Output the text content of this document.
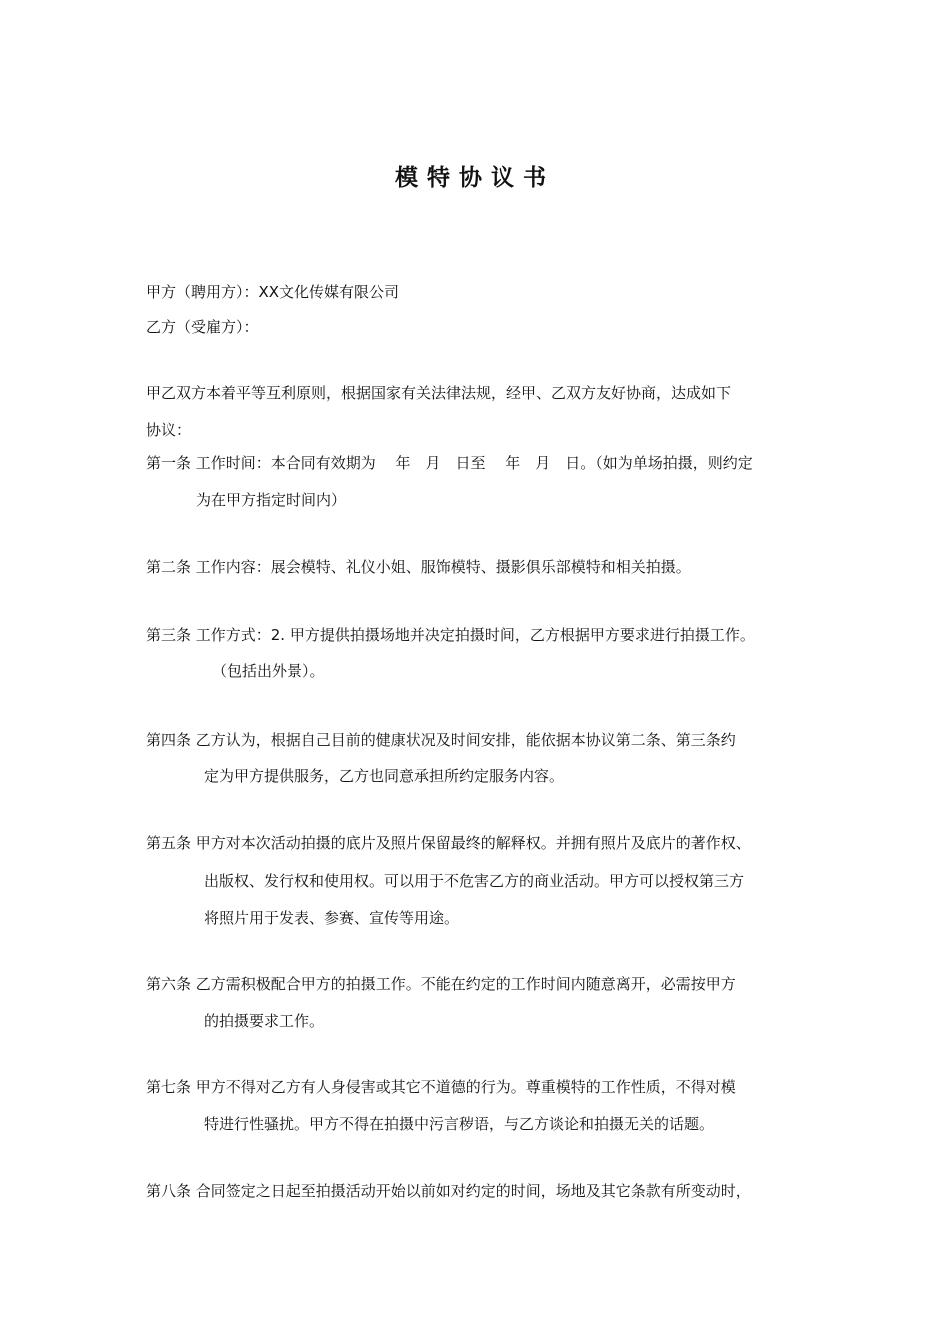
模特协议书
甲方（聘用方）：XX文化传媒有限公司
乙方（受雇方）：
甲乙双方本着平等互利原则，根据国家有关法律法规，经甲、乙双方友好协商，达成如下
协议：
第一条 工作时间：本合同有效期为　 年　月　日至　 年　月　日。（如为单场拍摄，则约定
为在甲方指定时间内）
第二条 工作内容：展会模特、礼仪小姐、服饰模特、摄影俱乐部模特和相关拍摄。
第三条 工作方式：2. 甲方提供拍摄场地并决定拍摄时间，乙方根据甲方要求进行拍摄工作。
（包括出外景）。
第四条 乙方认为，根据自己目前的健康状况及时间安排，能依据本协议第二条、第三条约
定为甲方提供服务，乙方也同意承担所约定服务内容。
第五条 甲方对本次活动拍摄的底片及照片保留最终的解释权。并拥有照片及底片的著作权、
出版权、发行权和使用权。可以用于不危害乙方的商业活动。甲方可以授权第三方
将照片用于发表、参赛、宣传等用途。
第六条 乙方需积极配合甲方的拍摄工作。不能在约定的工作时间内随意离开，必需按甲方
的拍摄要求工作。
第七条 甲方不得对乙方有人身侵害或其它不道德的行为。尊重模特的工作性质，不得对模
特进行性骚扰。甲方不得在拍摄中污言秽语，与乙方谈论和拍摄无关的话题。
第八条 合同签定之日起至拍摄活动开始以前如对约定的时间，场地及其它条款有所变动时，
